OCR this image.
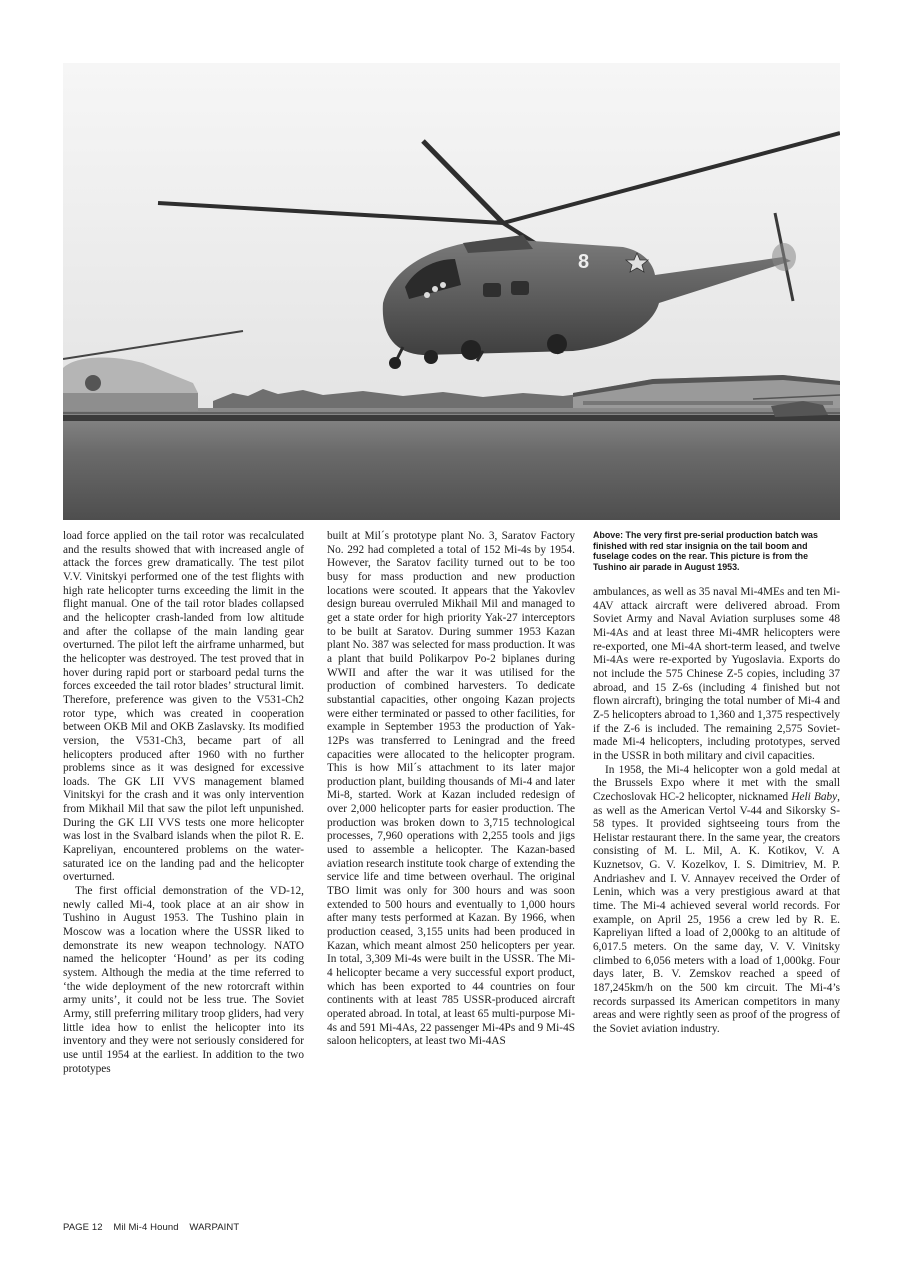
8

load force applied on the tail rotor was recalculated and the results showed that with increased angle of attack the forces grew dramatically. The test pilot V.V. Vinitskyi performed one of the test flights with high rate helicopter turns exceeding the limit in the flight manual. One of the tail rotor blades collapsed and the helicopter crash-landed from low altitude and after the collapse of the main landing gear overturned. The pilot left the airframe unharmed, but the helicopter was destroyed. The test proved that in hover during rapid port or starboard pedal turns the forces exceeded the tail rotor blades’ structural limit. Therefore, preference was given to the V531-Ch2 rotor type, which was created in cooperation between OKB Mil and OKB Zaslavsky. Its modified version, the V531-Ch3, became part of all helicopters produced after 1960 with no further problems since as it was designed for excessive loads. The GK LII VVS management blamed Vinitskyi for the crash and it was only intervention from Mikhail Mil that saw the pilot left unpunished. During the GK LII VVS tests one more helicopter was lost in the Svalbard islands when the pilot R. E. Kapreliyan, encountered problems on the water-saturated ice on the landing pad and the helicopter overturned.

The first official demonstration of the VD-12, newly called Mi-4, took place at an air show in Tushino in August 1953. The Tushino plain in Moscow was a location where the USSR liked to demonstrate its new weapon technology. NATO named the helicopter ‘Hound’ as per its coding system. Although the media at the time referred to ‘the wide deployment of the new rotorcraft within army units’, it could not be less true. The Soviet Army, still preferring military troop gliders, had very little idea how to enlist the helicopter into its inventory and they were not seriously considered for use until 1954 at the earliest. In addition to the two prototypes

built at Mil´s prototype plant No. 3, Saratov Factory No. 292 had completed a total of 152 Mi-4s by 1954. However, the Saratov facility turned out to be too busy for mass production and new production locations were scouted. It appears that the Yakovlev design bureau overruled Mikhail Mil and managed to get a state order for high priority Yak-27 interceptors to be built at Saratov. During summer 1953 Kazan plant No. 387 was selected for mass production. It was a plant that build Polikarpov Po-2 biplanes during WWII and after the war it was utilised for the production of combined harvesters. To dedicate substantial capacities, other ongoing Kazan projects were either terminated or passed to other facilities, for example in September 1953 the production of Yak-12Ps was transferred to Leningrad and the freed capacities were allocated to the helicopter program. This is how Mil´s attachment to its later major production plant, building thousands of Mi-4 and later Mi-8, started. Work at Kazan included redesign of over 2,000 helicopter parts for easier production. The production was broken down to 3,715 technological processes, 7,960 operations with 2,255 tools and jigs used to assemble a helicopter. The Kazan-based aviation research institute took charge of extending the service life and time between overhaul. The original TBO limit was only for 300 hours and was soon extended to 500 hours and eventually to 1,000 hours after many tests performed at Kazan. By 1966, when production ceased, 3,155 units had been produced in Kazan, which meant almost 250 helicopters per year. In total, 3,309 Mi-4s were built in the USSR. The Mi-4 helicopter became a very successful export product, which has been exported to 44 countries on four continents with at least 785 USSR-produced aircraft operated abroad. In total, at least 65 multi-purpose Mi-4s and 591 Mi-4As, 22 passenger Mi-4Ps and 9 Mi-4S saloon helicopters, at least two Mi-4AS

Above: The very first pre-serial production batch was finished with red star insignia on the tail boom and fuselage codes on the rear. This picture is from the Tushino air parade in August 1953.

ambulances, as well as 35 naval Mi-4MEs and ten Mi-4AV attack aircraft were delivered abroad. From Soviet Army and Naval Aviation surpluses some 48 Mi-4As and at least three Mi-4MR helicopters were re-exported, one Mi-4A short-term leased, and twelve Mi-4As were re-exported by Yugoslavia. Exports do not include the 575 Chinese Z-5 copies, including 37 abroad, and 15 Z-6s (including 4 finished but not flown aircraft), bringing the total number of Mi-4 and Z-5 helicopters abroad to 1,360 and 1,375 respectively if the Z-6 is included. The remaining 2,575 Soviet-made Mi-4 helicopters, including prototypes, served in the USSR in both military and civil capacities.

In 1958, the Mi-4 helicopter won a gold medal at the Brussels Expo where it met with the small Czechoslovak HC-2 helicopter, nicknamed Heli Baby, as well as the American Vertol V-44 and Sikorsky S-58 types. It provided sightseeing tours from the Helistar restaurant there. In the same year, the creators consisting of M. L. Mil, A. K. Kotikov, V. A Kuznetsov, G. V. Kozelkov, I. S. Dimitriev, M. P. Andriashev and I. V. Annayev received the Order of Lenin, which was a very prestigious award at that time. The Mi-4 achieved several world records. For example, on April 25, 1956 a crew led by R. E. Kapreliyan lifted a load of 2,000kg to an altitude of 6,017.5 meters. On the same day, V. V. Vinitsky climbed to 6,056 meters with a load of 1,000kg. Four days later, B. V. Zemskov reached a speed of 187,245km/h on the 500 km circuit. The Mi-4’s records surpassed its American competitors in many areas and were rightly seen as proof of the progress of the Soviet aviation industry.

PAGE 12 Mil Mi-4 Hound WARPAINT
